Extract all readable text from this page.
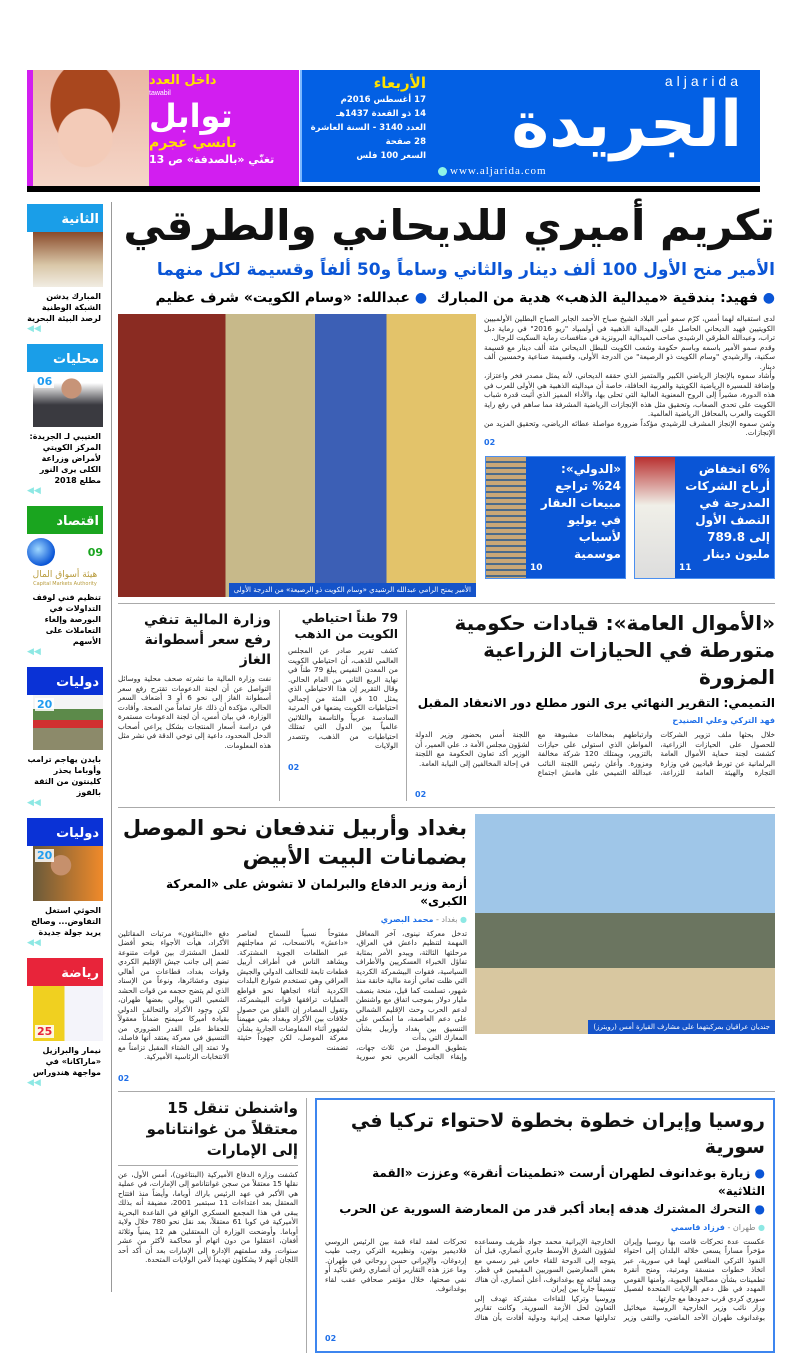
داخل العدد
tawabil
توابل
نانسي عجرم
تغنّي «بالصدفة» ص 13
الأربعاء
17 أغسطس 2016م
14 ذو القعدة 1437هـ
العدد 3140 - السنة العاشرة
28 صفحة
السعر 100 فلس
aljarida
الجريدة
www.aljarida.com
الثانية
المبارك يدشن الشبكة الوطنية لرصد البيئة البحرية
◀◀
محليات
06
العتيبي لـ الجريدة: المركز الكويتي لأمراض وزراعة الكلى يرى النور مطلع 2018
◀◀
اقتصاد
09
هيئة أسواق المال
Capital Markets Authority
تنظيم فني لوقف التداولات في البورصة وإلغاء التعاملات على الأسهم
◀◀
دوليات
20
بايدن يهاجم ترامب وأوباما يحذر كلينتون من الثقة بالفوز
◀◀
دوليات
20
الحوثي استغل التفاوض... وصالح يريد جولة جديدة
◀◀
رياضة
25
نيمار والبرازيل «ماراكانا» في مواجهة هندوراس
◀◀
تكريم أميري للديحاني والطرقي
الأمير منح الأول 100 ألف دينار والثاني وساماً و50 ألفاً وقسيمة لكل منهما
● فهيد: بندقية «ميدالية الذهب» هدية من المبارك  ● عبدالله: «وسام الكويت» شرف عظيم

لدى استقباله لهما أمس، كرّم سمو أمير البلاد الشيخ صباح الأحمد الجابر الصباح البطلين الأولمبيين الكويتيين فهيد الديحاني الحاصل على الميدالية الذهبية في أولمبياد "ريو 2016" في رماية دبل تراب، وعبدالله الطرقي الرشيدي صاحب الميدالية البرونزية في منافسات رماية السكيت للرجال.

وقدم سمو الأمير باسمه وباسم حكومة وشعب الكويت للبطل الديحاني مئة ألف دينار مع قسيمة سكنية، والرشيدي "وسام الكويت ذو الرصيعة" من الدرجة الأولى، وقسيمة صناعية وخمسين ألف دينار.

وأشاد سموه بالإنجاز الرياضي الكبير والمتميز الذي حققه الديحاني، لأنه يمثل مصدر فخر واعتزاز، وإضافة للمسيرة الرياضية الكويتية والعربية الحافلة، خاصة أن ميداليته الذهبية هي الأولى للعرب في هذه الدورة، مشيراً إلى الروح المعنوية العالية التي تحلى بها، والأداء المميز الذي أثبت قدرة شباب الكويت على تحدي الصعاب، وتحقيق مثل هذه الإنجازات الرياضية المشرفة مما ساهم في رفع راية الكويت والعرب بالمحافل الرياضية العالمية.

وثمن سموه الإنجاز المشرف للرشيدي مؤكداً ضرورة مواصلة عطائه الرياضي، وتحقيق المزيد من الإنجازات.

02
6% انخفاض أرباح الشركات المدرجة في النصف الأول إلى 789.8 مليون دينار
11
«الدولي»: 24% تراجع مبيعات العقار في يوليو لأسباب موسمية
10
الأمير يمنح الرامي عبدالله الرشيدي «وسام الكويت ذو الرصيعة» من الدرجة الأولى
«الأموال العامة»: قيادات حكومية متورطة في الحيازات الزراعية المزورة
التميمي: التقرير النهائي يرى النور مطلع دور الانعقاد المقبل
فهد التركي وعلي الصنيدح
خلال بحثها ملف تزوير الشركات للحصول على الحيازات الزراعية، كشفت لجنة حماية الأموال العامة البرلمانية عن تورط قياديين في وزارة التجارة والهيئة العامة للزراعة، وارتباطهم بمخالفات مشبوهة مع المواطن الذي استولى على حيازات بالتزوير، ويمتلك 120 شركة مخالفة ومزورة. وأعلن رئيس اللجنة النائب عبدالله التميمي على هامش اجتماع اللجنة أمس بحضور وزير الدولة لشؤون مجلس الأمة د. علي العمير، أن الوزير أكد تعاون الحكومة مع اللجنة في إحالة المخالفين إلى النيابة العامة.
02
79 طناً احتياطي الكويت من الذهب
كشف تقرير صادر عن المجلس العالمي للذهب، أن احتياطي الكويت من المعدن النفيس يبلغ 79 طناً في نهاية الربع الثاني من العام الحالي. وقال التقرير إن هذا الاحتياطي الذي يمثل 10 في المئة من إجمالي احتياطيات الكويت يضعها في المرتبة السادسة عربياً والتاسعة والثلاثين عالمياً بين الدول التي تمتلك احتياطيات من الذهب، وتتصدر الولايات
02
وزارة المالية تنفي رفع سعر أسطوانة الغاز
نفت وزارة المالية ما نشرته صحف محلية ووسائل التواصل عن أن لجنة الدعومات تقترح رفع سعر أسطوانة الغاز إلى نحو 6 أو 3 أضعاف السعر الحالي، مؤكدة أن ذلك عار تماماً من الصحة. وأفادت الوزارة، في بيان أمس، أن لجنة الدعومات مستمرة في دراسة أسعار المنتجات بشكل يراعي أصحاب الدخل المحدود، داعية إلى توخي الدقة في نشر مثل هذه المعلومات.
جنديان عراقيان بمركبتهما على مشارف القيارة أمس (رويترز)
بغداد وأربيل تندفعان نحو الموصل بضمانات البيت الأبيض
أزمة وزير الدفاع والبرلمان لا تشوش على «المعركة الكبرى»
● بغداد - محمد البصري

تدخل معركة نينوى، آخر المعاقل المهمة لتنظيم داعش في العراق، مرحلتها الثالثة، ويبدو الأمر بمثابة تفاؤل الخبراء العسكريين والأطراف السياسية، فقوات البيشمركة الكردية التي ظلت تعاني أزمة مالية خانقة منذ شهور، تسلمت كما قيل، منحة بنصف مليار دولار بموجب اتفاق مع واشنطن لدعم الحرب وحث الإقليم الشمالي على دعم العاصمة، ما انعكس على التنسيق بين بغداد وأربيل بشأن المعارك التي بدأت

بتطويق الموصل من ثلاث جهات، وإبقاء الجانب الغربي نحو سورية مفتوحاً نسبياً للسماح لعناصر «داعش» بالانسحاب، ثم معاجلتهم عبر الطلعات الجوية المشتركة. ويشاهد الناس في أطراف أربيل قطعات تابعة للتحالف الدولي والجيش العراقي وهي تستخدم شوارع البلدات الكردية أثناء اتجاهها نحو قواطع العمليات ترافقها قوات البيشمركة، وتقول المصادر إن القلق من حصول خلافات بين الأكراد وبغداد بقي مهيمناً لشهور أثناء المفاوضات الجارية بشأن معركة الموصل، لكن جهوداً حثيثة تضمنت

دفع «البنتاغون» مرتبات المقاتلين الأكراد، هيأت الأجواء بنحو أفضل للعمل المشترك بين قوات متنوعة تضم إلى جانب جيش الإقليم الكردي وقوات بغداد، قطاعات من أهالي نينوى وعشائرها، ونوعاً من الإسناد الذي لم يتضح حجمه من قوات الحشد الشعبي التي يوالي بعضها طهران، لكن وجود الأكراد والتحالف الدولي بقيادة أميركا سيمنح ضماناً معقولاً للحفاظ على القدر الضروري من التنسيق في معركة يعتقد أنها فاصلة، ولا تمتد إلى الشتاء المقبل تزامناً مع الانتخابات الرئاسية الأميركية.

02
روسيا وإيران خطوة بخطوة لاحتواء تركيا في سورية
● زيارة بوغدانوف لطهران أرست «تطمينات أنقرة» وعززت «القمة الثلاثية»
● التحرك المشترك هدفه إبعاد أكبر قدر من المعارضة السورية عن الحرب
● طهران - فرزاد قاسمي

عكست عدة تحركات قامت بها روسيا وإيران مؤخراً مساراً يسعى خلاله البلدان إلى احتواء النفوذ التركي المنافس لهما في سورية، عبر اتخاذ خطوات منسقة ومرتبة، ومنح أنقرة تطمينات بشأن مصالحها الحيوية، وأمنها القومي المهدد في ظل دعم الولايات المتحدة لفصيل سوري كردي قرب حدودها مع جارتها.

وزار نائب وزير الخارجية الروسية ميخائيل بوغدانوف طهران الأحد الماضي، والتقى وزير الخارجية الإيرانية محمد جواد ظريف ومساعده لشؤون الشرق الأوسط جابري أنصاري، قبل أن يتوجه إلى الدوحة للقاء خاص غير رسمي مع بعض المعارضين السوريين المقيمين في قطر. وبعد لقائه مع بوغدانوف، أعلن أنصاري، أن هناك تنسيقاً جارياً بين إيران

وروسيا وتركيا للقاءات مشتركة تهدف إلى التعاون لحل الأزمة السورية. وكانت تقارير تداولتها صحف إيرانية ودولية أفادت بأن هناك تحركات لعقد لقاء قمة بين الرئيس الروسي فلاديمير بوتين، ونظيريه التركي رجب طيب إردوغان، والإيراني حسن روحاني في طهران. وما عزز هذه التقارير أن أنصاري رفض تأكيد أو نفي صحتها، خلال مؤتمر صحافي عقب لقاء بوغدانوف.

02
واشنطن تنقل 15 معتقلاً من غوانتانامو إلى الإمارات
كشفت وزارة الدفاع الأميركية (البنتاغون)، أمس الأول، عن نقلها 15 معتقلاً من سجن غوانتانامو إلى الإمارات، في عملية هي الأكبر في عهد الرئيس باراك أوباما، وأيضاً منذ افتتاح المعتقل بعد اعتداءات 11 سبتمبر 2001، مضيفة أنه بذلك يبقى في هذا المجمع العسكري الواقع في القاعدة البحرية الأميركية في كوبا 61 معتقلاً، بعد نقل نحو 780 خلال ولاية أوباما. وأوضحت الوزارة أن المعتقلين هم 12 يمنياً وثلاثة أفغان، اعتقلوا من دون اتهام أو محاكمة لأكثر من عشر سنوات، وقد سلمتهم الإدارة إلى الإمارات بعد أن أكد أحد اللجان أنهم لا يشكلون تهديداً لأمن الولايات المتحدة.
